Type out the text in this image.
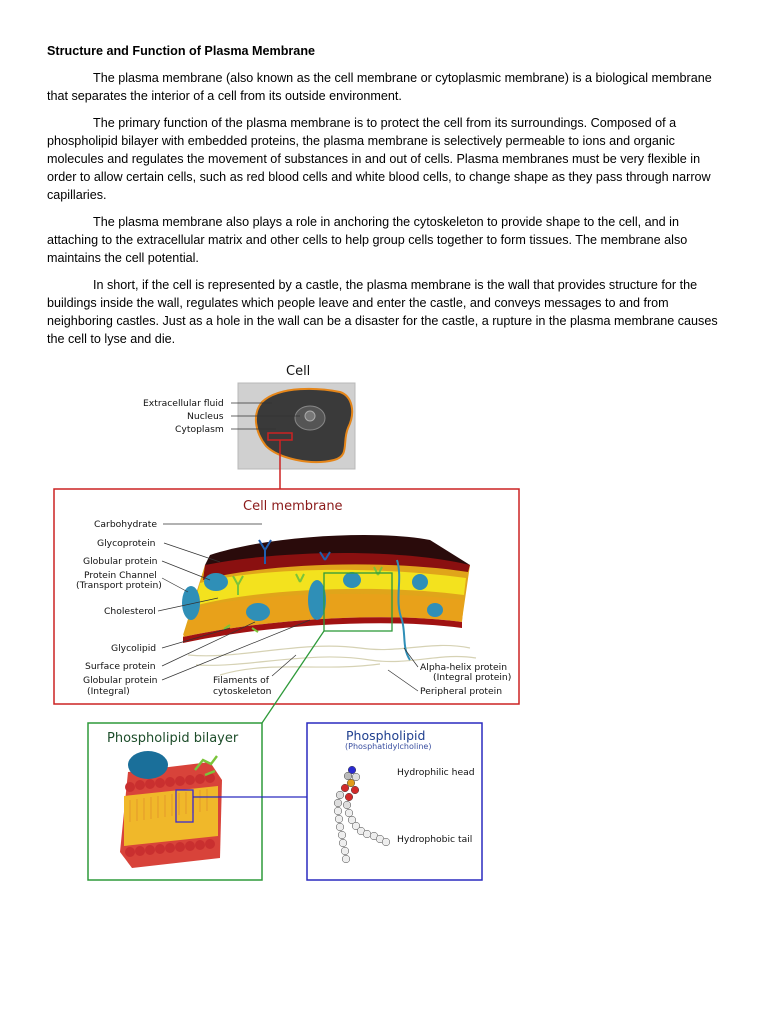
Structure and Function of Plasma Membrane

The plasma membrane (also known as the cell membrane or cytoplasmic membrane) is a biological membrane that separates the interior of a cell from its outside environment.

The primary function of the plasma membrane is to protect the cell from its surroundings. Composed of a phospholipid bilayer with embedded proteins, the plasma membrane is selectively permeable to ions and organic molecules and regulates the movement of substances in and out of cells. Plasma membranes must be very flexible in order to allow certain cells, such as red blood cells and white blood cells, to change shape as they pass through narrow capillaries.

The plasma membrane also plays a role in anchoring the cytoskeleton to provide shape to the cell, and in attaching to the extracellular matrix and other cells to help group cells together to form tissues. The membrane also maintains the cell potential.

In short, if the cell is represented by a castle, the plasma membrane is the wall that provides structure for the buildings inside the wall, regulates which people leave and enter the castle, and conveys messages to and from neighboring castles. Just as a hole in the wall can be a disaster for the castle, a rupture in the plasma membrane causes the cell to lyse and die.

Cell
Extracellular fluid
Nucleus
Cytoplasm
Cell membrane
Carbohydrate
Glycoprotein
Globular protein
Protein Channel
(Transport protein)
Cholesterol
Glycolipid
Surface protein
Globular protein
(Integral)
Filaments of
cytoskeleton
Alpha-helix protein
(Integral protein)
Peripheral protein
Phospholipid bilayer	Phospholipid
(Phosphatidylcholine)
Hydrophilic head
Hydrophobic tail
